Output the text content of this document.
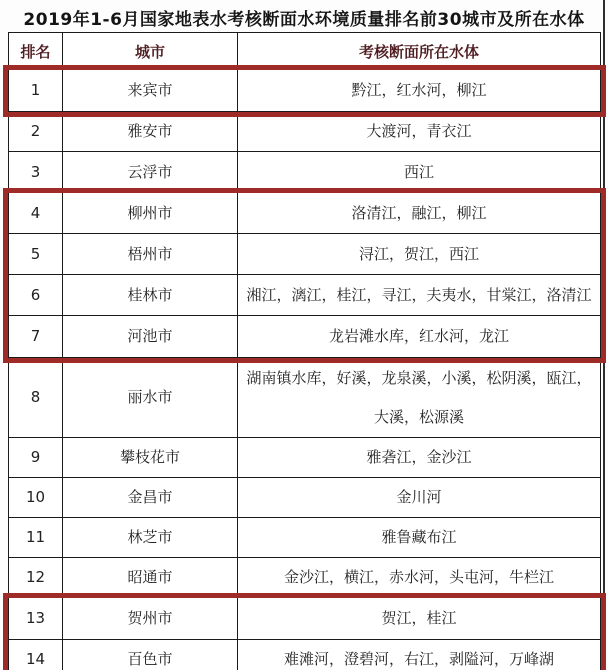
2019年1-6月国家地表水考核断面水环境质量排名前30城市及所在水体
排名	城市	考核断面所在水体
1	来宾市	黔江，红水河，柳江
2	雅安市	大渡河，青衣江
3	云浮市	西江
4	柳州市	洛清江，融江，柳江
5	梧州市	浔江，贺江，西江
6	桂林市	湘江，漓江，桂江，寻江，夫夷水，甘棠江，洛清江
7	河池市	龙岩滩水库，红水河，龙江
8	丽水市	湖南镇水库，好溪，龙泉溪，小溪，松阴溪，瓯江，大溪，松源溪
9	攀枝花市	雅砻江，金沙江
10	金昌市	金川河
11	林芝市	雅鲁藏布江
12	昭通市	金沙江，横江，赤水河，头屯河，牛栏江
13	贺州市	贺江，桂江
14	百色市	难滩河，澄碧河，右江，剥隘河，万峰湖
